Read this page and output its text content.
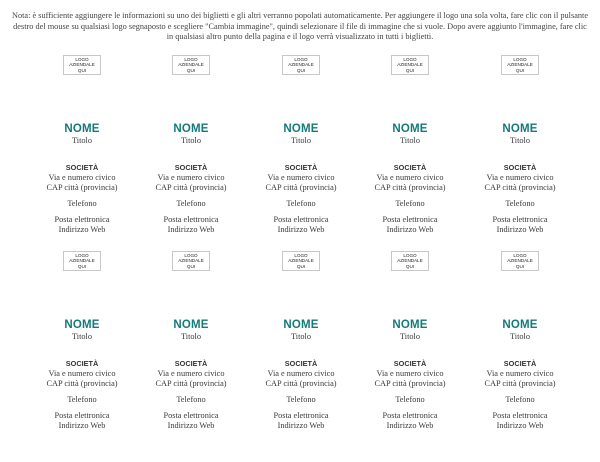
Nota: è sufficiente aggiungere le informazioni su uno dei biglietti e gli altri verranno popolati automaticamente. Per aggiungere il logo una sola volta, fare clic con il pulsante destro del mouse su qualsiasi logo segnaposto e scegliere "Cambia immagine", quindi selezionare il file di immagine che si vuole. Dopo avere aggiunto l'immagine, fare clic in qualsiasi altro punto della pagina e il logo verrà visualizzato in tutti i biglietti.
LOGO AZIENDALE
QUI
NOME
Titolo
SOCIETÀ
Via e numero civico
CAP città (provincia)
Telefono
Posta elettronica
Indirizzo Web
LOGO AZIENDALE
QUI
NOME
Titolo
SOCIETÀ
Via e numero civico
CAP città (provincia)
Telefono
Posta elettronica
Indirizzo Web
LOGO AZIENDALE
QUI
NOME
Titolo
SOCIETÀ
Via e numero civico
CAP città (provincia)
Telefono
Posta elettronica
Indirizzo Web
LOGO AZIENDALE
QUI
NOME
Titolo
SOCIETÀ
Via e numero civico
CAP città (provincia)
Telefono
Posta elettronica
Indirizzo Web
LOGO AZIENDALE
QUI
NOME
Titolo
SOCIETÀ
Via e numero civico
CAP città (provincia)
Telefono
Posta elettronica
Indirizzo Web
LOGO AZIENDALE
QUI
NOME
Titolo
SOCIETÀ
Via e numero civico
CAP città (provincia)
Telefono
Posta elettronica
Indirizzo Web
LOGO AZIENDALE
QUI
NOME
Titolo
SOCIETÀ
Via e numero civico
CAP città (provincia)
Telefono
Posta elettronica
Indirizzo Web
LOGO AZIENDALE
QUI
NOME
Titolo
SOCIETÀ
Via e numero civico
CAP città (provincia)
Telefono
Posta elettronica
Indirizzo Web
LOGO AZIENDALE
QUI
NOME
Titolo
SOCIETÀ
Via e numero civico
CAP città (provincia)
Telefono
Posta elettronica
Indirizzo Web
LOGO AZIENDALE
QUI
NOME
Titolo
SOCIETÀ
Via e numero civico
CAP città (provincia)
Telefono
Posta elettronica
Indirizzo Web
